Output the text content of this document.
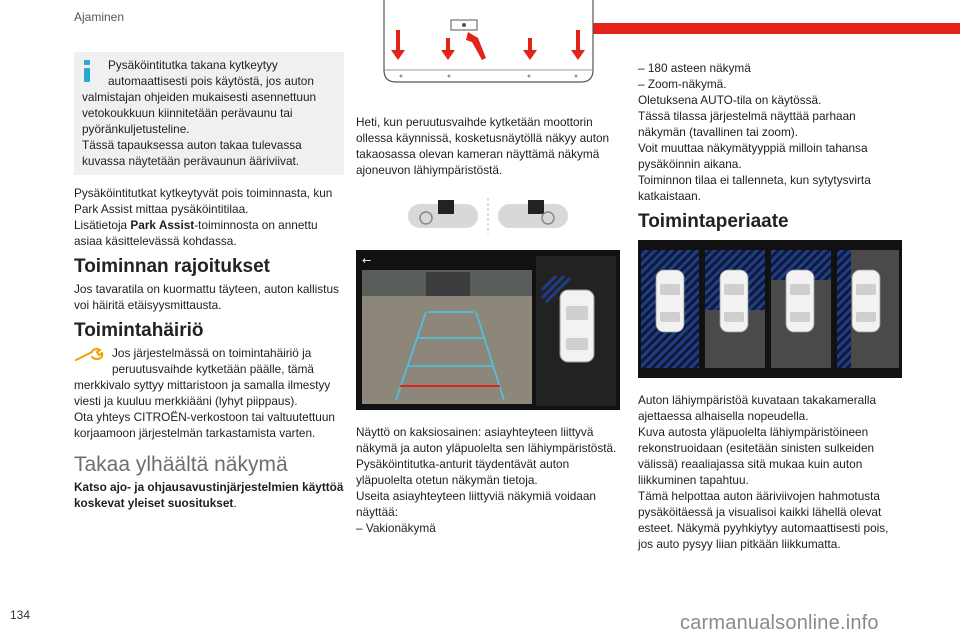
Ajaminen

Pysäköintitutka takana kytkeytyy automaattisesti pois käytöstä, jos auton

valmistajan ohjeiden mukaisesti asennettuun vetokoukkuun kiinnitetään perävaunu tai pyöränkuljetusteline.

Tässä tapauksessa auton takaa tulevassa kuvassa näytetään perävaunun ääriviivat.

Pysäköintitutkat kytkeytyvät pois toiminnasta, kun Park Assist mittaa pysäköintitilaa.

Lisätietoja Park Assist-toiminnosta on annettu asiaa käsittelevässä kohdassa.

Toiminnan rajoitukset

Jos tavaratila on kuormattu täyteen, auton kallistus voi häiritä etäisyysmittausta.

Toimintahäiriö

Jos järjestelmässä on toimintahäiriö ja peruutusvaihde kytketään päälle, tämä

merkkivalo syttyy mittaristoon ja samalla ilmestyy viesti ja kuuluu merkkiääni (lyhyt piippaus).

Ota yhteys CITROËN-verkostoon tai valtuutettuun korjaamoon järjestelmän tarkastamista varten.

Takaa ylhäältä näkymä

Katso ajo- ja ohjausavustinjärjestelmien käyttöä koskevat yleiset suositukset.

Heti, kun peruutusvaihde kytketään moottorin ollessa käynnissä, kosketusnäytöllä näkyy auton takaosassa olevan kameran näyttämä näkymä ajoneuvon lähiympäristöstä.

←

Näyttö on kaksiosainen: asiayhteyteen liittyvä näkymä ja auton yläpuolelta sen lähiympäristöstä.

Pysäköintitutka-anturit täydentävät auton yläpuolelta otetun näkymän tietoja.

Useita asiayhteyteen liittyviä näkymiä voidaan näyttää:

– Vakionäkymä

– 180 asteen näkymä

– Zoom-näkymä.

Oletuksena AUTO-tila on käytössä.

Tässä tilassa järjestelmä näyttää parhaan näkymän (tavallinen tai zoom).

Voit muuttaa näkymätyyppiä milloin tahansa pysäköinnin aikana.

Toiminnon tilaa ei tallenneta, kun sytytysvirta katkaistaan.

Toimintaperiaate

Auton lähiympäristöä kuvataan takakameralla ajettaessa alhaisella nopeudella.

Kuva autosta yläpuolelta lähiympäristöineen rekonstruoidaan (esitetään sinisten sulkeiden välissä) reaaliajassa sitä mukaa kuin auton liikkuminen tapahtuu.

Tämä helpottaa auton ääriviivojen hahmotusta pysäköitäessä ja visualisoi kaikki lähellä olevat esteet. Näkymä pyyhkiytyy automaattisesti pois, jos auto pysyy liian pitkään liikkumatta.

134	carmanualsonline.info
